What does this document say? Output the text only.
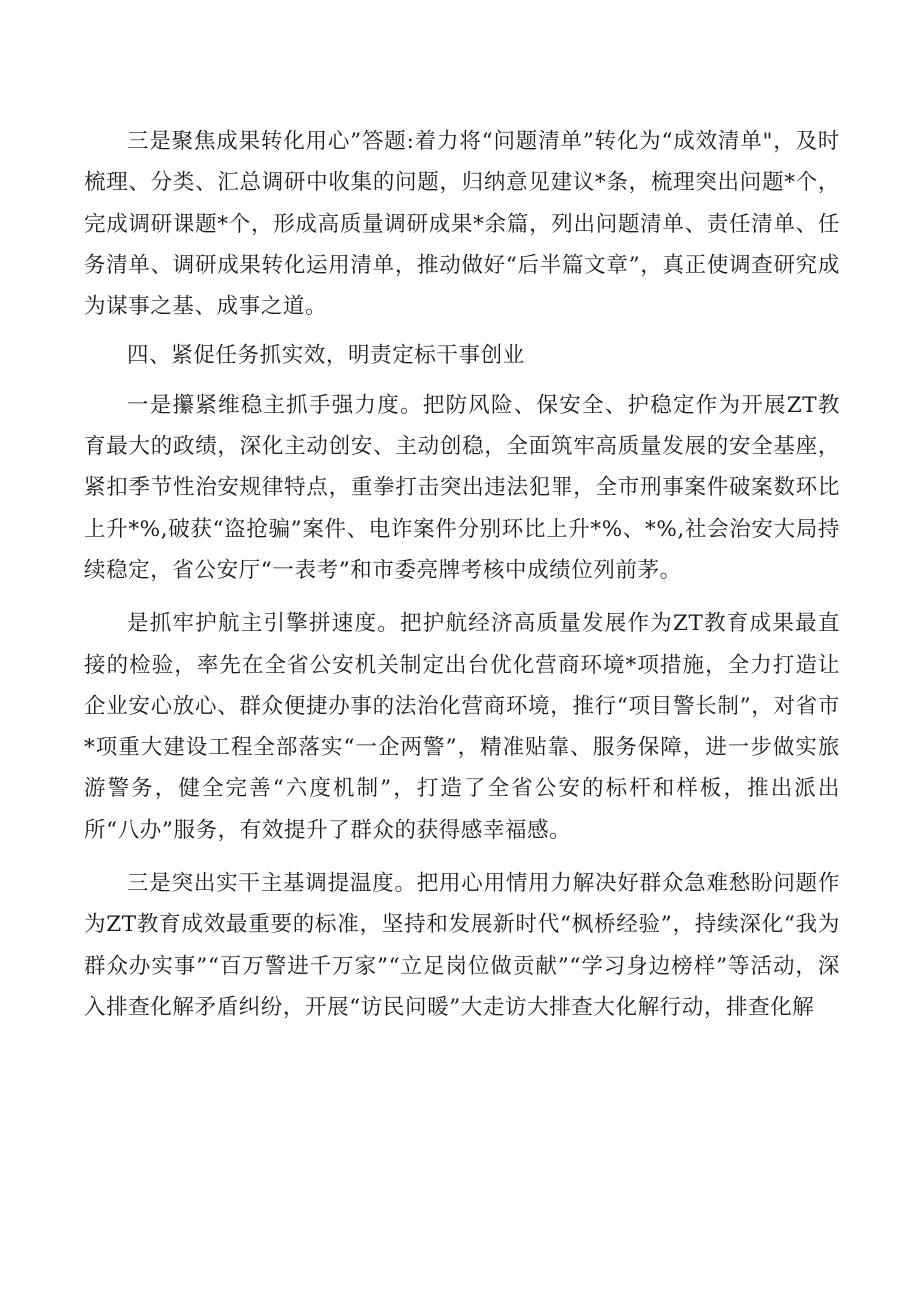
三是聚焦成果转化用心”答题:着力将“问题清单”转化为“成效清单"，及时梳理、分类、汇总调研中收集的问题，归纳意见建议*条，梳理突出问题*个，完成调研课题*个，形成高质量调研成果*余篇，列出问题清单、责任清单、任务清单、调研成果转化运用清单，推动做好“后半篇文章”，真正使调查研究成为谋事之基、成事之道。

四、紧促任务抓实效，明责定标干事创业

一是攥紧维稳主抓手强力度。把防风险、保安全、护稳定作为开展ZT教育最大的政绩，深化主动创安、主动创稳，全面筑牢高质量发展的安全基座，紧扣季节性治安规律特点，重拳打击突出违法犯罪，全市刑事案件破案数环比上升*%,破获“盗抢骗”案件、电诈案件分别环比上升*%、*%,社会治安大局持续稳定，省公安厅“一表考”和市委亮牌考核中成绩位列前茅。

是抓牢护航主引擎拼速度。把护航经济高质量发展作为ZT教育成果最直接的检验，率先在全省公安机关制定出台优化营商环境*项措施，全力打造让企业安心放心、群众便捷办事的法治化营商环境，推行“项目警长制”，对省市*项重大建设工程全部落实“一企两警”，精准贴靠、服务保障，进一步做实旅游警务，健全完善“六度机制”，打造了全省公安的标杆和样板，推出派出所“八办”服务，有效提升了群众的获得感幸福感。

三是突出实干主基调提温度。把用心用情用力解决好群众急难愁盼问题作为ZT教育成效最重要的标准，坚持和发展新时代“枫桥经验”，持续深化“我为群众办实事”“百万警进千万家”“立足岗位做贡献”“学习身边榜样”等活动，深入排查化解矛盾纠纷，开展“访民问暖”大走访大排查大化解行动，排查化解
